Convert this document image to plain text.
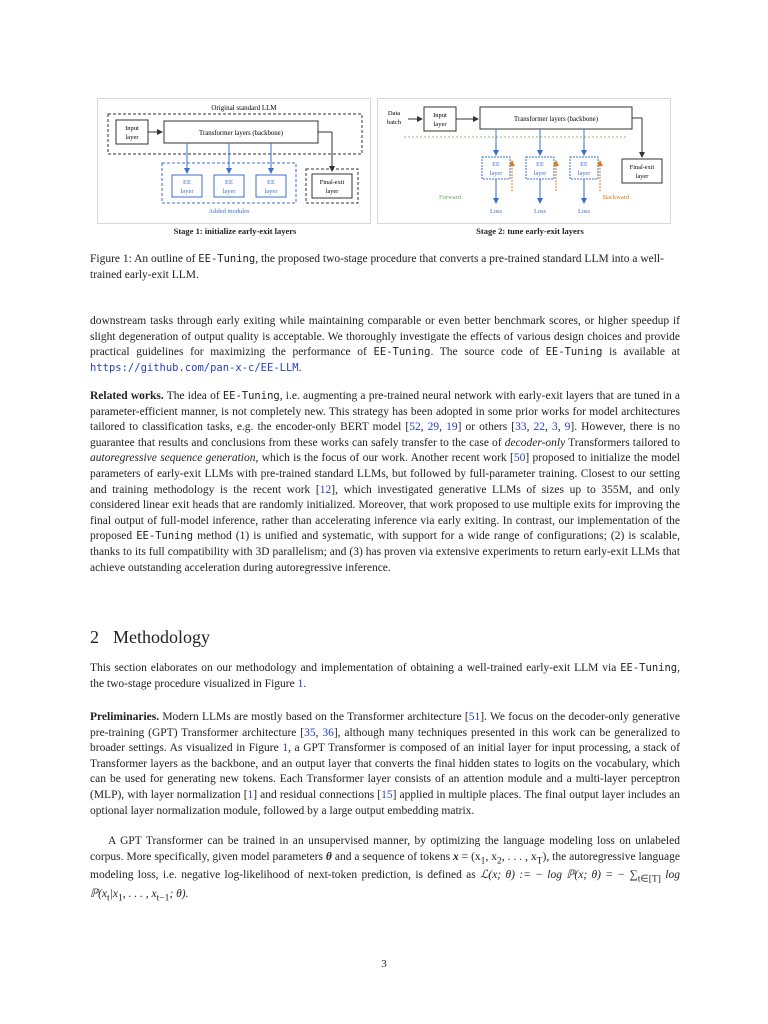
Original standard LLM
Input
layer
Transformer layers (backbone)
EE
layer
EE
layer
EE
layer
Added modules
Final-exit
layer
Stage 1: initialize early-exit layers
Data
batch
Input
layer
Transformer layers (backbone)
EE
layer
EE
layer
EE
layer
Loss	Loss	Loss
Forward	Backward
Final-exit
layer
Stage 2: tune early-exit layers
Figure 1: An outline of EE-Tuning, the proposed two-stage procedure that converts a pre-trained standard LLM into a well-trained early-exit LLM.
downstream tasks through early exiting while maintaining comparable or even better benchmark scores, or higher speedup if slight degeneration of output quality is acceptable. We thoroughly investigate the effects of various design choices and provide practical guidelines for maximizing the performance of EE-Tuning. The source code of EE-Tuning is available at https://github.com/pan-x-c/EE-LLM.
Related works. The idea of EE-Tuning, i.e. augmenting a pre-trained neural network with early-exit layers that are tuned in a parameter-efficient manner, is not completely new. This strategy has been adopted in some prior works for model architectures tailored to classification tasks, e.g. the encoder-only BERT model [52, 29, 19] or others [33, 22, 3, 9]. However, there is no guarantee that results and conclusions from these works can safely transfer to the case of decoder-only Transformers tailored to autoregressive sequence generation, which is the focus of our work. Another recent work [50] proposed to initialize the model parameters of early-exit LLMs with pre-trained standard LLMs, but followed by full-parameter training. Closest to our setting and training methodology is the recent work [12], which investigated generative LLMs of sizes up to 355M, and only considered linear exit heads that are randomly initialized. Moreover, that work proposed to use multiple exits for improving the final output of full-model inference, rather than accelerating inference via early exiting. In contrast, our implementation of the proposed EE-Tuning method (1) is unified and systematic, with support for a wide range of configurations; (2) is scalable, thanks to its full compatibility with 3D parallelism; and (3) has proven via extensive experiments to return early-exit LLMs that achieve outstanding acceleration during autoregressive inference.
2 Methodology
This section elaborates on our methodology and implementation of obtaining a well-trained early-exit LLM via EE-Tuning, the two-stage procedure visualized in Figure 1.
Preliminaries. Modern LLMs are mostly based on the Transformer architecture [51]. We focus on the decoder-only generative pre-training (GPT) Transformer architecture [35, 36], although many techniques presented in this work can be generalized to broader settings. As visualized in Figure 1, a GPT Transformer is composed of an initial layer for input processing, a stack of Transformer layers as the backbone, and an output layer that converts the final hidden states to logits on the vocabulary, which can be used for generating new tokens. Each Transformer layer consists of an attention module and a multi-layer perceptron (MLP), with layer normalization [1] and residual connections [15] applied in multiple places. The final output layer includes an optional layer normalization module, followed by a large output embedding matrix.
A GPT Transformer can be trained in an unsupervised manner, by optimizing the language modeling loss on unlabeled corpus. More specifically, given model parameters θ and a sequence of tokens $x = (x_1$, $x_2$, . . . , $x_T$), the autoregressive language modeling loss, i.e. negative log-likelihood of next-token prediction, is defined as ℒ(x; θ) := − log ℙ(x; θ) = − $\sum_{t\in[T]}$ $\log ℙ(x_t|x_1$, . . . , $x_{t-1}$; θ).
3
